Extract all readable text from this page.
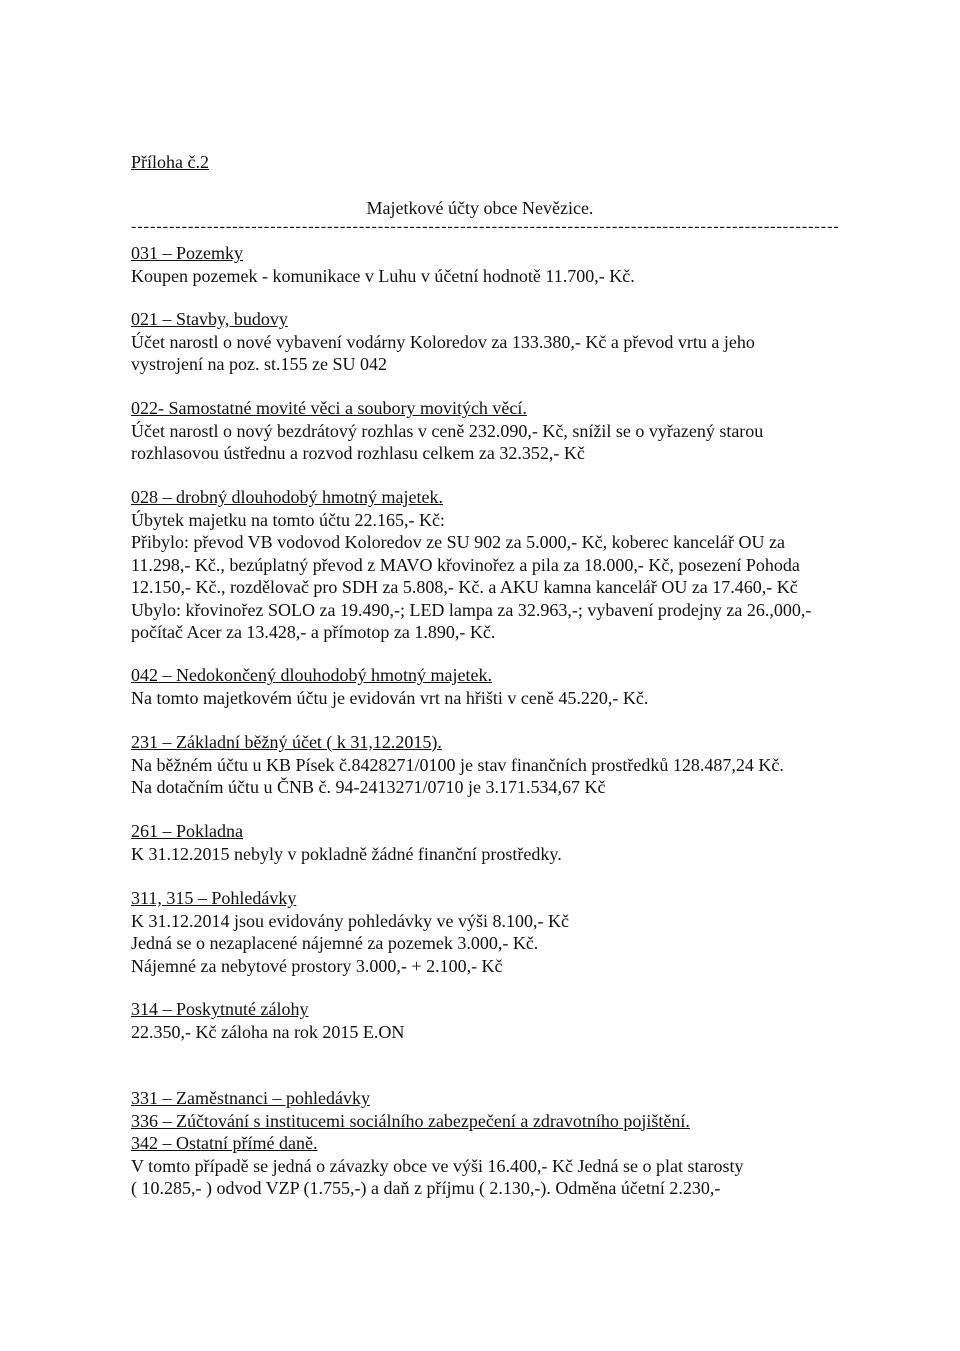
Příloha č.2
Majetkové účty obce Nevězice.
----------------------------------------------------------------------------------------------------------------
031 – Pozemky
Koupen pozemek - komunikace v Luhu v účetní hodnotě 11.700,- Kč.
021 – Stavby, budovy
Účet narostl o nové vybavení vodárny Koloredov za 133.380,- Kč a převod vrtu a jeho
vystrojení na poz. st.155 ze SU 042
022- Samostatné movité věci a soubory movitých věcí.
Účet narostl o nový bezdrátový rozhlas v ceně 232.090,- Kč, snížil se o vyřazený starou
rozhlasovou ústřednu a rozvod rozhlasu celkem za 32.352,- Kč
028 – drobný dlouhodobý hmotný majetek.
Úbytek majetku na tomto účtu 22.165,- Kč:
Přibylo: převod VB vodovod Koloredov ze SU 902 za 5.000,- Kč, koberec kancelář OU za
11.298,- Kč., bezúplatný převod z MAVO křovinořez a pila za 18.000,- Kč, posezení Pohoda
12.150,- Kč., rozdělovač pro SDH za 5.808,- Kč. a AKU kamna kancelář OU za 17.460,- Kč
Ubylo: křovinořez SOLO za 19.490,-; LED lampa za 32.963,-; vybavení prodejny za 26.,000,-
počítač Acer za 13.428,- a přímotop za 1.890,- Kč.
042 – Nedokončený dlouhodobý hmotný majetek.
Na tomto majetkovém účtu je evidován vrt na hřišti v ceně 45.220,- Kč.
231 – Základní běžný účet ( k 31,12.2015).
Na běžném účtu u KB Písek č.8428271/0100 je stav finančních prostředků 128.487,24 Kč.
Na dotačním účtu u ČNB č. 94-2413271/0710 je 3.171.534,67 Kč
261 – Pokladna
K 31.12.2015 nebyly v pokladně žádné finanční prostředky.
311, 315 – Pohledávky
K 31.12.2014 jsou evidovány pohledávky ve výši 8.100,- Kč
Jedná se o nezaplacené nájemné za pozemek 3.000,- Kč.
Nájemné za nebytové prostory 3.000,- + 2.100,- Kč
314 – Poskytnuté zálohy
22.350,- Kč záloha na rok 2015 E.ON
331 – Zaměstnanci – pohledávky
336 – Zúčtování s institucemi sociálního zabezpečení a zdravotního pojištění.
342 – Ostatní přímé daně.
V tomto případě se jedná o závazky obce ve výši 16.400,- Kč Jedná se o plat starosty
( 10.285,- ) odvod VZP (1.755,-) a daň z příjmu ( 2.130,-). Odměna účetní 2.230,-
